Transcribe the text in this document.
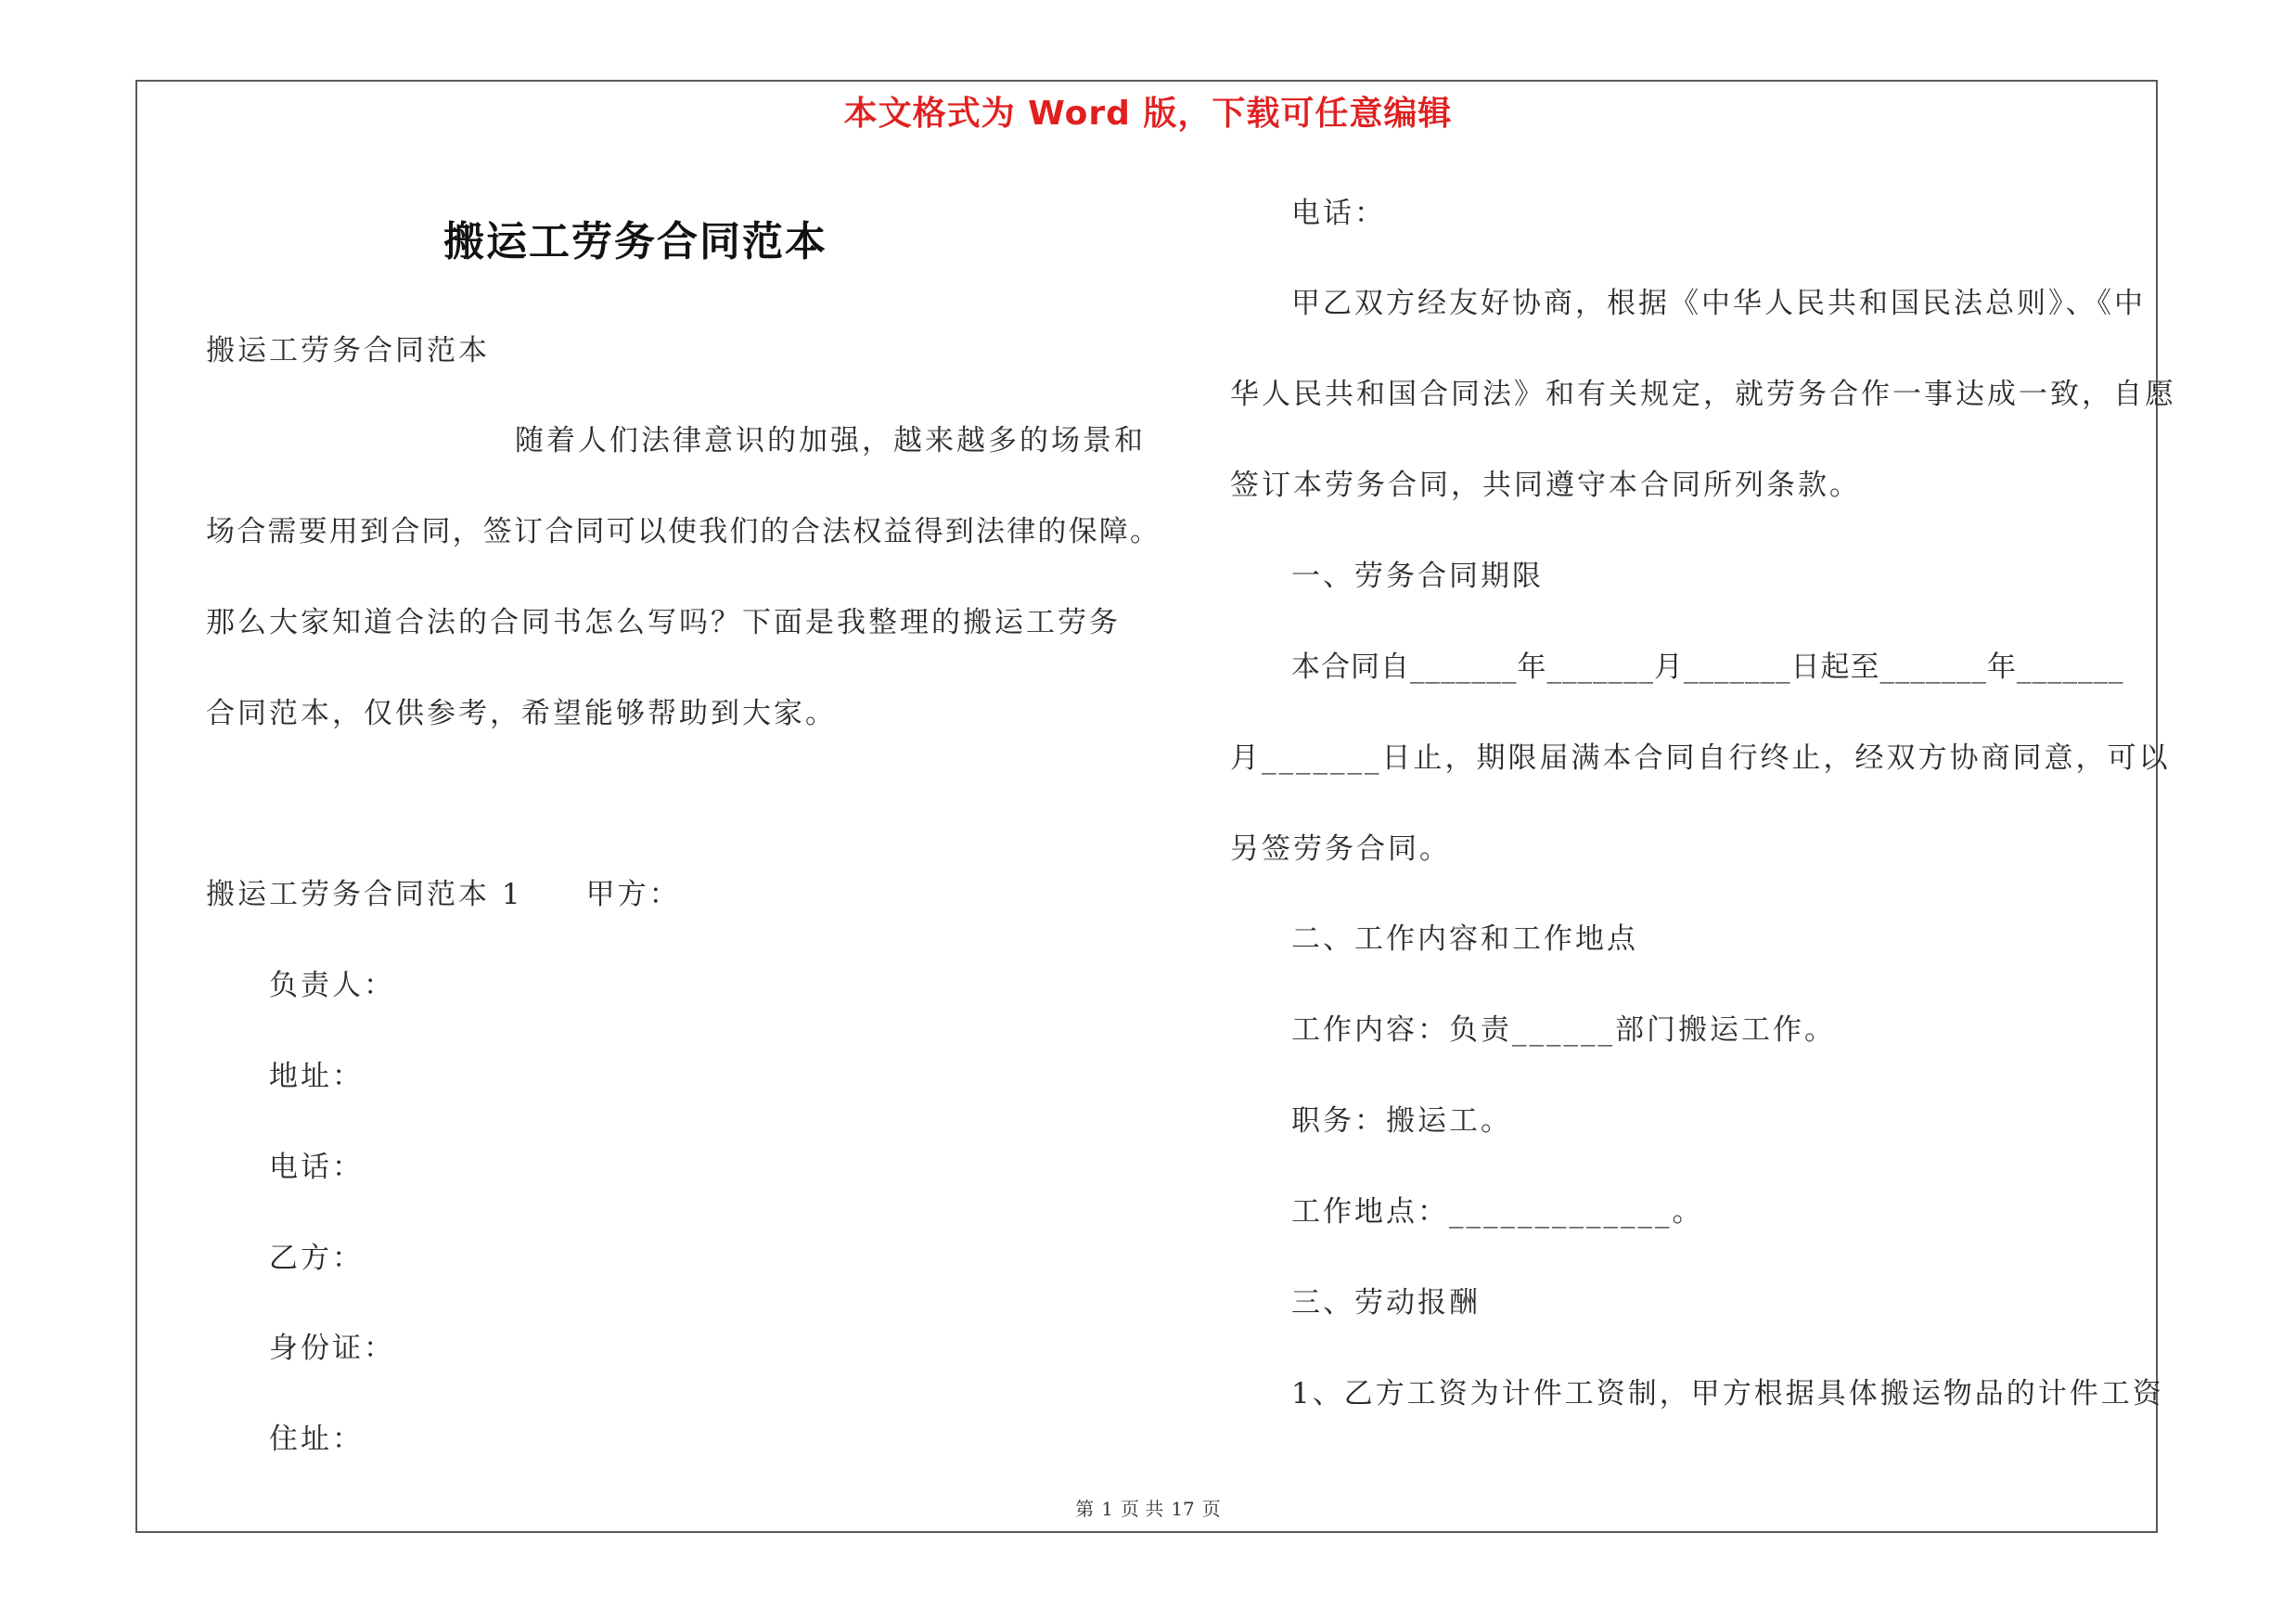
本文格式为 Word 版，下载可任意编辑
搬运工劳务合同范本
搬运工劳务合同范本
随着人们法律意识的加强，越来越多的场景和
场合需要用到合同，签订合同可以使我们的合法权益得到法律的保障。
那么大家知道合法的合同书怎么写吗？下面是我整理的搬运工劳务
合同范本，仅供参考，希望能够帮助到大家。
搬运工劳务合同范本 1　　甲方：
负责人：
地址：
电话：
乙方：
身份证：
住址：
电话：
甲乙双方经友好协商，根据《中华人民共和国民法总则》、《中
华人民共和国合同法》和有关规定，就劳务合作一事达成一致，自愿
签订本劳务合同，共同遵守本合同所列条款。
一、劳务合同期限
本合同自_______年_______月_______日起至_______年_______
月_______日止，期限届满本合同自行终止，经双方协商同意，可以
另签劳务合同。
二、工作内容和工作地点
工作内容：负责______部门搬运工作。
职务：搬运工。
工作地点：_____________。
三、劳动报酬
1、乙方工资为计件工资制，甲方根据具体搬运物品的计件工资
第 1 页 共 17 页
